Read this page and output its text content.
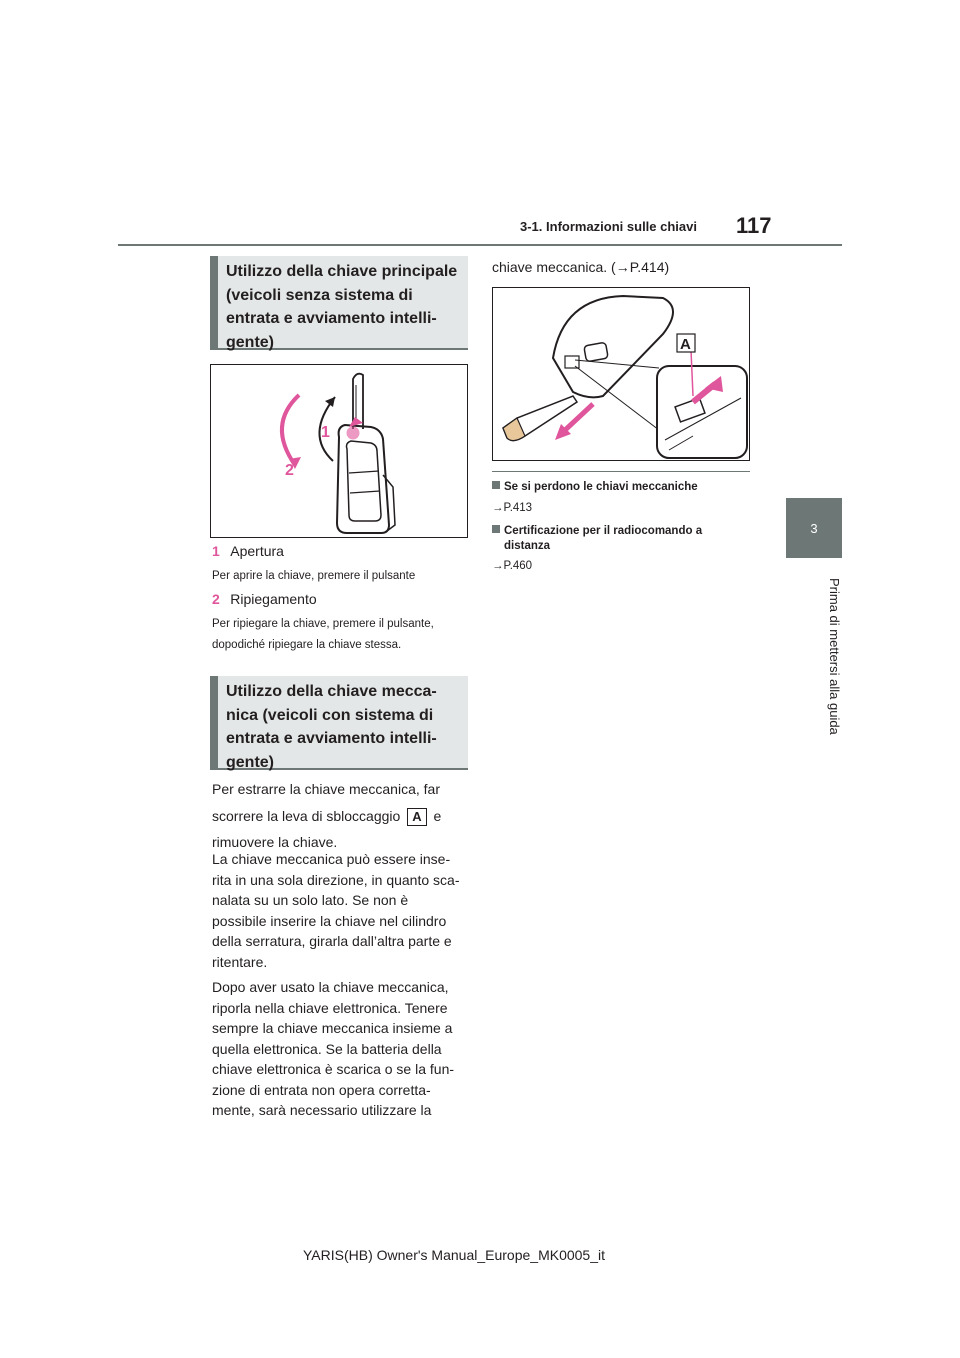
3-1. Informazioni sulle chiavi 117
3
Prima di mettersi alla guida
Utilizzo della chiave principale
(veicoli senza sistema di
entrata e avviamento intelli-
gente)
1
2
1 Apertura
Per aprire la chiave, premere il pulsante
2 Ripiegamento
Per ripiegare la chiave, premere il pulsante,
dopodiché ripiegare la chiave stessa.
Utilizzo della chiave mecca-
nica (veicoli con sistema di
entrata e avviamento intelli-
gente)
Per estrarre la chiave meccanica, far
scorrere la leva di sbloccaggio A e
rimuovere la chiave.
La chiave meccanica può essere inse-
rita in una sola direzione, in quanto sca-
nalata su un solo lato. Se non è
possibile inserire la chiave nel cilindro
della serratura, girarla dall’altra parte e
ritentare.
Dopo aver usato la chiave meccanica,
riporla nella chiave elettronica. Tenere
sempre la chiave meccanica insieme a
quella elettronica. Se la batteria della
chiave elettronica è scarica o se la fun-
zione di entrata non opera corretta-
mente, sarà necessario utilizzare la
chiave meccanica. (→P.414)
A
Se si perdono le chiavi meccaniche
→P.413
Certificazione per il radiocomando a
distanza
→P.460
YARIS(HB) Owner's Manual_Europe_MK0005_it
